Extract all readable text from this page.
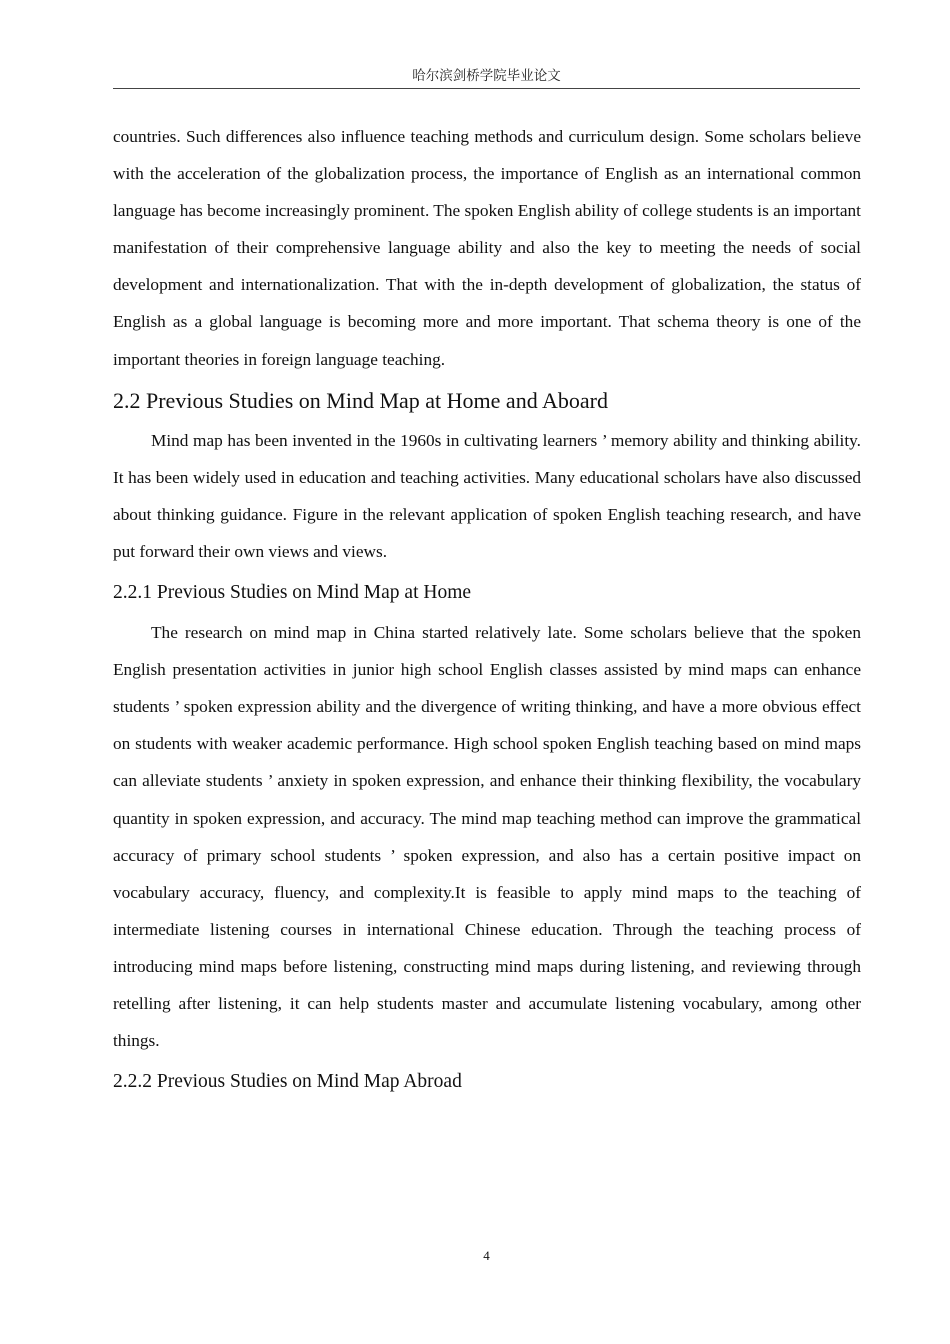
哈尔滨剑桥学院毕业论文

countries. Such differences also influence teaching methods and curriculum design. Some scholars believe with the acceleration of the globalization process, the importance of English as an international common language has become increasingly prominent. The spoken English ability of college students is an important manifestation of their comprehensive language ability and also the key to meeting the needs of social development and internationalization. That with the in-depth development of globalization, the status of English as a global language is becoming more and more important. That schema theory is one of the important theories in foreign language teaching.

2.2 Previous Studies on Mind Map at Home and Aboard

Mind map has been invented in the 1960s in cultivating learners ’ memory ability and thinking ability. It has been widely used in education and teaching activities. Many educational scholars have also discussed about thinking guidance. Figure in the relevant application of spoken English teaching research, and have put forward their own views and views.

2.2.1 Previous Studies on Mind Map at Home

The research on mind map in China started relatively late. Some scholars believe that the spoken English presentation activities in junior high school English classes assisted by mind maps can enhance students ’ spoken expression ability and the divergence of writing thinking, and have a more obvious effect on students with weaker academic performance. High school spoken English teaching based on mind maps can alleviate students ’ anxiety in spoken expression, and enhance their thinking flexibility, the vocabulary quantity in spoken expression, and accuracy. The mind map teaching method can improve the grammatical accuracy of primary school students ’ spoken expression, and also has a certain positive impact on vocabulary accuracy, fluency, and complexity.It is feasible to apply mind maps to the teaching of intermediate listening courses in international Chinese education. Through the teaching process of introducing mind maps before listening, constructing mind maps during listening, and reviewing through retelling after listening, it can help students master and accumulate listening vocabulary, among other things.

2.2.2 Previous Studies on Mind Map Abroad
4
